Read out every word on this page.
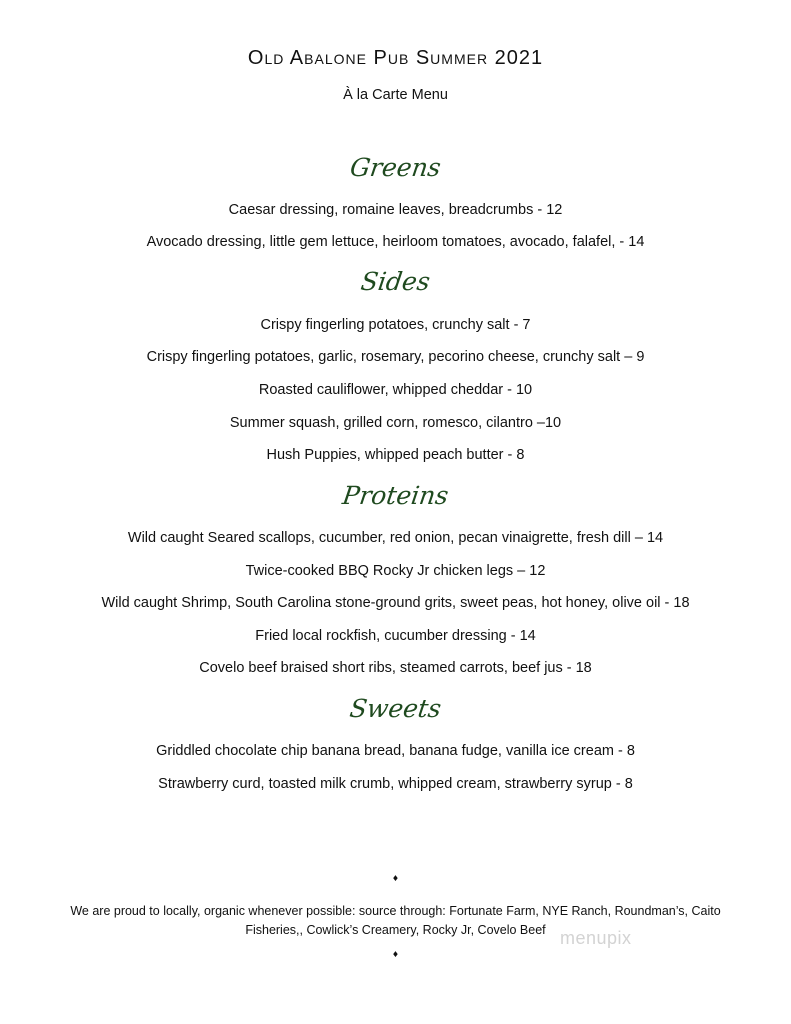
Old Abalone Pub Summer 2021
À la Carte Menu
Greens
Caesar dressing, romaine leaves, breadcrumbs - 12
Avocado dressing, little gem lettuce, heirloom tomatoes, avocado, falafel, - 14
Sides
Crispy fingerling potatoes, crunchy salt - 7
Crispy fingerling potatoes, garlic, rosemary, pecorino cheese, crunchy salt – 9
Roasted cauliflower, whipped cheddar - 10
Summer squash, grilled corn, romesco, cilantro –10
Hush Puppies, whipped peach butter - 8
Proteins
Wild caught Seared scallops, cucumber, red onion, pecan vinaigrette, fresh dill – 14
Twice-cooked BBQ Rocky Jr chicken legs – 12
Wild caught Shrimp, South Carolina stone-ground grits, sweet peas, hot honey, olive oil - 18
Fried local rockfish, cucumber dressing - 14
Covelo beef braised short ribs, steamed carrots, beef jus - 18
Sweets
Griddled chocolate chip banana bread, banana fudge, vanilla ice cream - 8
Strawberry curd, toasted milk crumb, whipped cream, strawberry syrup - 8
♦
We are proud to locally, organic whenever possible: source through: Fortunate Farm, NYE Ranch, Roundman’s, Caito Fisheries,, Cowlick’s Creamery, Rocky Jr, Covelo Beef
♦
menupix
